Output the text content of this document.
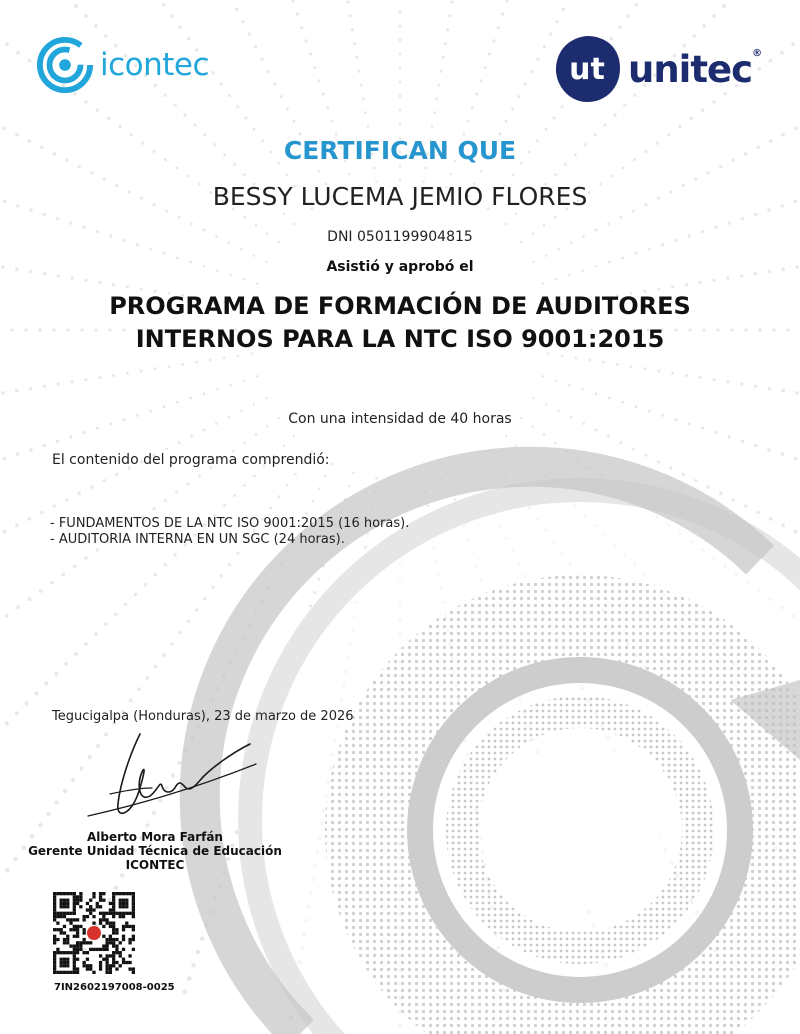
icontec	ut unitec®
CERTIFICAN QUE
BESSY LUCEMA JEMIO FLORES
DNI 0501199904815
Asistió y aprobó el
PROGRAMA DE FORMACIÓN DE AUDITORES
INTERNOS PARA LA NTC ISO 9001:2015
Con una intensidad de 40 horas
El contenido del programa comprendió:
- FUNDAMENTOS DE LA NTC ISO 9001:2015 (16 horas).
- AUDITORIA INTERNA EN UN SGC (24 horas).
Tegucigalpa (Honduras), 23 de marzo de 2026
Alberto Mora Farfán
Gerente Unidad Técnica de Educación ICONTEC
7IN2602197008-0025
